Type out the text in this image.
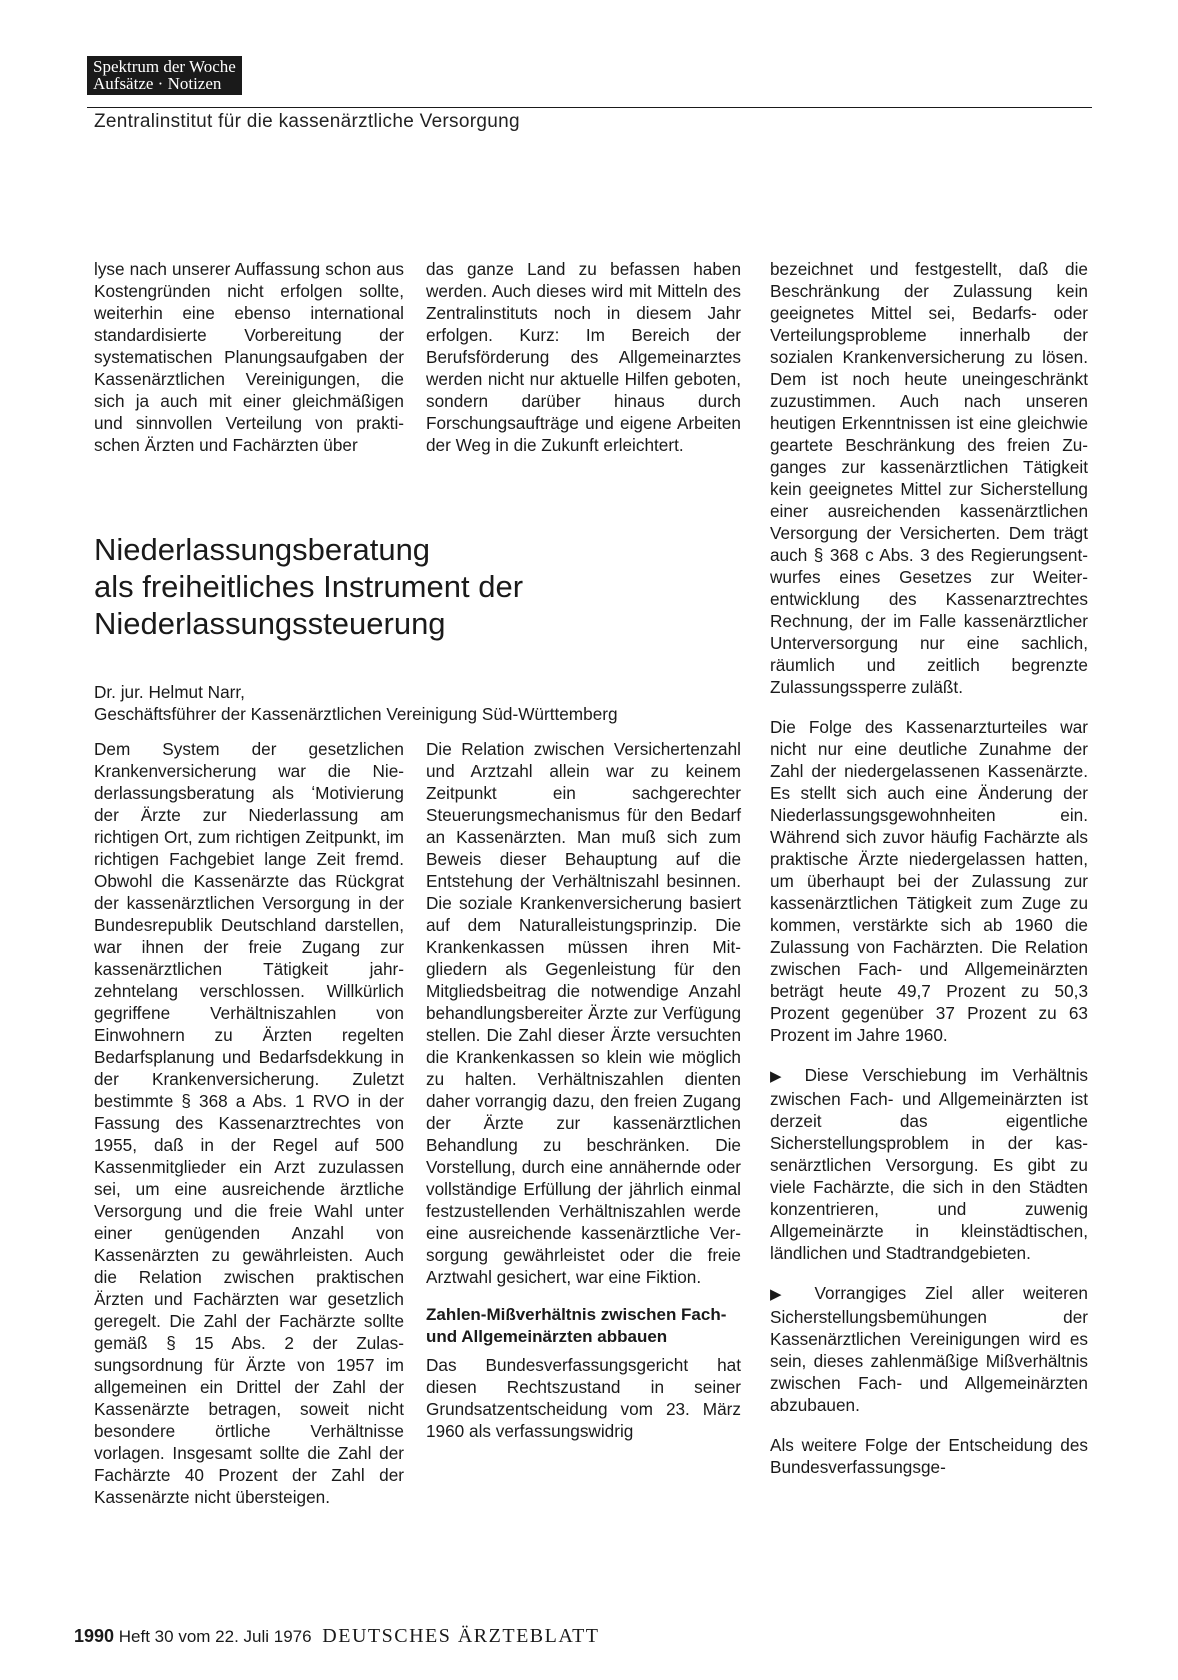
Spektrum der Woche
Aufsätze · Notizen
Zentralinstitut für die kassenärztliche Versorgung

lyse nach unserer Auffassung schon aus Kostengründen nicht erfolgen sollte, weiterhin eine ebenso international standardisierte Vorbereitung der systematischen Planungsaufgaben der Kassenärztlichen Vereinigungen, die sich ja auch mit einer gleichmäßigen und sinnvollen Verteilung von praktischen Ärzten und Fachärzten über

das ganze Land zu befassen haben werden. Auch dieses wird mit Mitteln des Zentralinstituts noch in diesem Jahr erfolgen. Kurz: Im Bereich der Berufsförderung des Allgemeinarztes werden nicht nur aktuelle Hilfen geboten, sondern darüber hinaus durch Forschungsaufträge und eigene Arbeiten der Weg in die Zukunft erleichtert.

Niederlassungsberatung
als freiheitliches Instrument der
Niederlassungssteuerung
Dr. jur. Helmut Narr,
Geschäftsführer der Kassenärztlichen Vereinigung Süd-Württemberg

Dem System der gesetzlichen Krankenversicherung war die Niederlassungsberatung als ʻMotivierung der Ärzte zur Niederlassung am richtigen Ort, zum richtigen Zeitpunkt, im richtigen Fachgebiet lange Zeit fremd. Obwohl die Kassenärzte das Rückgrat der kassenärztlichen Versorgung in der Bundesrepublik Deutschland darstellen, war ihnen der freie Zugang zur kassenärztlichen Tätigkeit jahrzehntelang verschlossen. Willkürlich gegriffene Verhältniszahlen von Einwohnern zu Ärzten regelten Bedarfsplanung und Bedarfsdekkung in der Krankenversicherung. Zuletzt bestimmte § 368 a Abs. 1 RVO in der Fassung des Kassenarztrechtes von 1955, daß in der Regel auf 500 Kassenmitglieder ein Arzt zuzulassen sei, um eine ausreichende ärztliche Versorgung und die freie Wahl unter einer genügenden Anzahl von Kassenärzten zu gewährleisten. Auch die Relation zwischen praktischen Ärzten und Fachärzten war gesetzlich geregelt. Die Zahl der Fachärzte sollte gemäß § 15 Abs. 2 der Zulassungsordnung für Ärzte von 1957 im allgemeinen ein Drittel der Zahl der Kassenärzte betragen, soweit nicht besondere örtliche Verhältnisse vorlagen. Insgesamt sollte die Zahl der Fachärzte 40 Prozent der Zahl der Kassenärzte nicht übersteigen.

Die Relation zwischen Versichertenzahl und Arztzahl allein war zu keinem Zeitpunkt ein sachgerechter Steuerungsmechanismus für den Bedarf an Kassenärzten. Man muß sich zum Beweis dieser Behauptung auf die Entstehung der Verhältniszahl besinnen. Die soziale Krankenversicherung basiert auf dem Naturalleistungsprinzip. Die Krankenkassen müssen ihren Mitgliedern als Gegenleistung für den Mitgliedsbeitrag die notwendige Anzahl behandlungsbereiter Ärzte zur Verfügung stellen. Die Zahl dieser Ärzte versuchten die Krankenkassen so klein wie möglich zu halten. Verhältniszahlen dienten daher vorrangig dazu, den freien Zugang der Ärzte zur kassenärztlichen Behandlung zu beschränken. Die Vorstellung, durch eine annähernde oder vollständige Erfüllung der jährlich einmal festzustellenden Verhältniszahlen werde eine ausreichende kassenärztliche Versorgung gewährleistet oder die freie Arztwahl gesichert, war eine Fiktion.

Zahlen-Mißverhältnis zwischen Fach- und Allgemeinärzten abbauen

Das Bundesverfassungsgericht hat diesen Rechtszustand in seiner Grundsatzentscheidung vom 23. März 1960 als verfassungswidrig

bezeichnet und festgestellt, daß die Beschränkung der Zulassung kein geeignetes Mittel sei, Bedarfs- oder Verteilungsprobleme innerhalb der sozialen Krankenversicherung zu lösen. Dem ist noch heute uneingeschränkt zuzustimmen. Auch nach unseren heutigen Erkenntnissen ist eine gleichwie geartete Beschränkung des freien Zuganges zur kassenärztlichen Tätigkeit kein geeignetes Mittel zur Sicherstellung einer ausreichenden kassenärztlichen Versorgung der Versicherten. Dem trägt auch § 368 c Abs. 3 des Regierungsentwurfes eines Gesetzes zur Weiterentwicklung des Kassenarztrechtes Rechnung, der im Falle kassenärztlicher Unterversorgung nur eine sachlich, räumlich und zeitlich begrenzte Zulassungssperre zuläßt.

Die Folge des Kassenarzturteiles war nicht nur eine deutliche Zunahme der Zahl der niedergelassenen Kassenärzte. Es stellt sich auch eine Änderung der Niederlassungsgewohnheiten ein. Während sich zuvor häufig Fachärzte als praktische Ärzte niedergelassen hatten, um überhaupt bei der Zulassung zur kassenärztlichen Tätigkeit zum Zuge zu kommen, verstärkte sich ab 1960 die Zulassung von Fachärzten. Die Relation zwischen Fach- und Allgemeinärzten beträgt heute 49,7 Prozent zu 50,3 Prozent gegenüber 37 Prozent zu 63 Prozent im Jahre 1960.

▶ Diese Verschiebung im Verhältnis zwischen Fach- und Allgemeinärzten ist derzeit das eigentliche Sicherstellungsproblem in der kassenärztlichen Versorgung. Es gibt zu viele Fachärzte, die sich in den Städten konzentrieren, und zuwenig Allgemeinärzte in kleinstädtischen, ländlichen und Stadtrandgebieten.

▶ Vorrangiges Ziel aller weiteren Sicherstellungsbemühungen der Kassenärztlichen Vereinigungen wird es sein, dieses zahlenmäßige Mißverhältnis zwischen Fach- und Allgemeinärzten abzubauen.

Als weitere Folge der Entscheidung des Bundesverfassungsge-

1990 Heft 30 vom 22. Juli 1976 DEUTSCHES ÄRZTEBLATT
